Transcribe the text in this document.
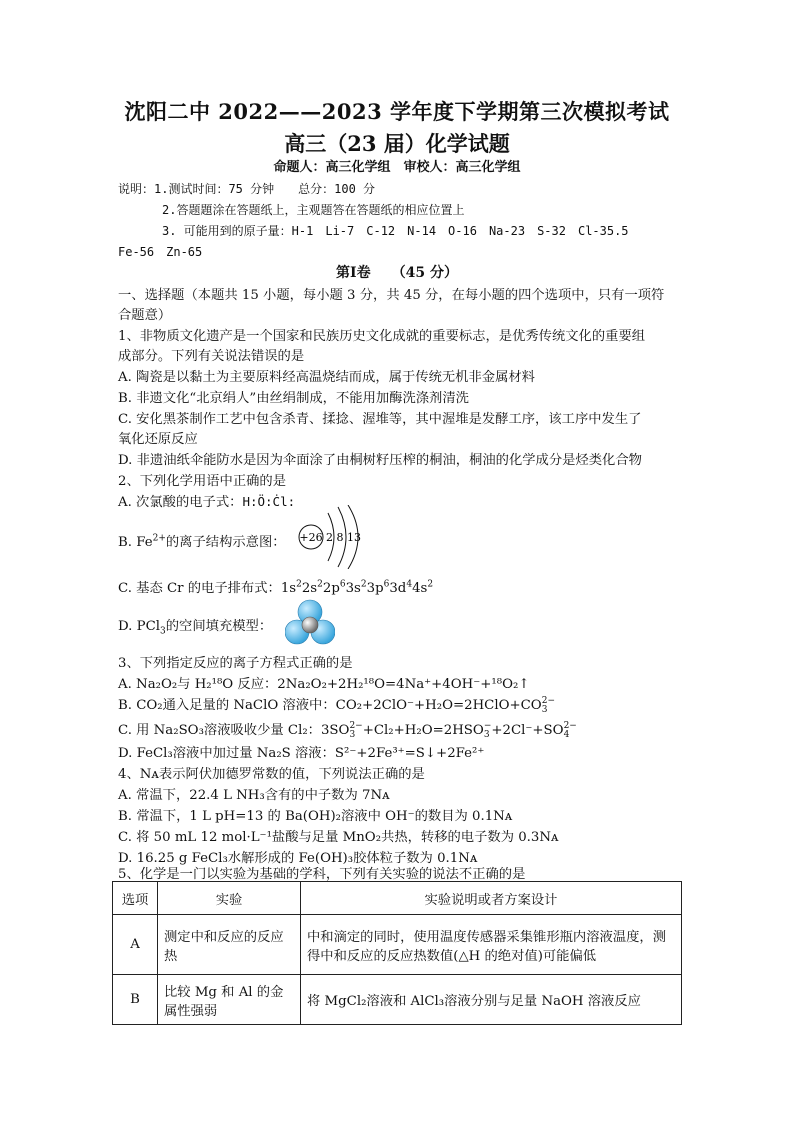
沈阳二中 2022——2023 学年度下学期第三次模拟考试
高三（23 届）化学试题
命题人：高三化学组　审校人：高三化学组
说明：1.测试时间：75 分钟　　总分：100 分
2.答题題涂在答题纸上，主观题答在答题纸的相应位置上
3. 可能用到的原子量：H-1　Li-7　C-12　N-14　O-16　Na-23　S-32　Cl-35.5
Fe-56　Zn-65
第Ⅰ卷　　（45 分）
一、选择题（本题共 15 小题，每小题 3 分，共 45 分，在每小题的四个选项中，只有一项符
合题意）
1、非物质文化遗产是一个国家和民族历史文化成就的重要标志，是优秀传统文化的重要组
成部分。下列有关说法错误的是
A. 陶瓷是以黏土为主要原料经高温烧结而成，属于传统无机非金属材料
B. 非遗文化“北京绢人”由丝绢制成，不能用加酶洗涤剂清洗
C. 安化黑茶制作工艺中包含杀青、揉捻、渥堆等，其中渥堆是发酵工序，该工序中发生了
氧化还原反应
D. 非遗油纸伞能防水是因为伞面涂了由桐树籽压榨的桐油，桐油的化学成分是烃类化合物
2、下列化学用语中正确的是
A. 次氯酸的电子式：H:Ö:Ċl:
B. $Fe^{2+}$的离子结构示意图： +26 2 8 13
C. 基态 Cr 的电子排布式：$1s^22s^22p^63s^23p^63d^44s^2$
D. PCl$_3$的空间填充模型：
3、下列指定反应的离子方程式正确的是
A. Na₂O₂与 H₂¹⁸O 反应：2Na₂O₂+2H₂¹⁸O=4Na⁺+4OH⁻+¹⁸O₂↑
B. CO₂通入足量的 NaClO 溶液中：CO₂+2ClO⁻+H₂O=2HClO+CO 2−
3
C. 用 Na₂SO₃溶液吸收少量 Cl₂：3SO 2−
3 +Cl₂+H₂O=2HSO −
3 +2Cl⁻+SO 2−
4
D. FeCl₃溶液中加过量 Na₂S 溶液：S²⁻+2Fe³⁺=S↓+2Fe²⁺
4、Nᴀ表示阿伏加德罗常数的值，下列说法正确的是
A. 常温下，22.4 L NH₃含有的中子数为 7Nᴀ
B. 常温下，1 L pH=13 的 Ba(OH)₂溶液中 OH⁻的数目为 0.1Nᴀ
C. 将 50 mL 12 mol·L⁻¹盐酸与足量 MnO₂共热，转移的电子数为 0.3Nᴀ
D. 16.25 g FeCl₃水解形成的 Fe(OH)₃胶体粒子数为 0.1Nᴀ
5、化学是一门以实验为基础的学科，下列有关实验的说法不正确的是
选项	实验	实验说明或者方案设计
A	测定中和反应的反应热	中和滴定的同时，使用温度传感器采集锥形瓶内溶液温度，测得中和反应的反应热数值(△H 的绝对值)可能偏低
B	比较 Mg 和 Al 的金属性强弱	将 MgCl₂溶液和 AlCl₃溶液分别与足量 NaOH 溶液反应
